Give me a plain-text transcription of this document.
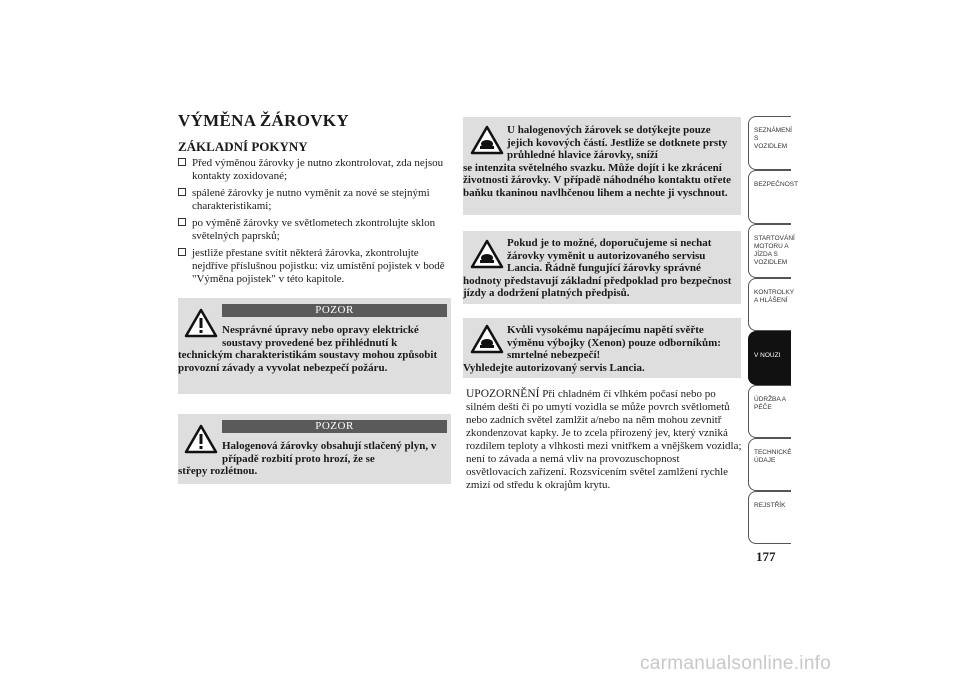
VÝMĚNA ŽÁROVKY
ZÁKLADNÍ POKYNY
Před výměnou žárovky je nutno zkontrolovat, zda nejsou kontakty zoxidované;
spálené žárovky je nutno vyměnit za nové se stejnými charakteristikami;
po výměně žárovky ve světlometech zkontrolujte sklon světelných paprsků;
jestliže přestane svítit některá žárovka, zkontrolujte nejdříve příslušnou pojistku: viz umístění pojistek v bodě "Výměna pojistek" v této kapitole.
POZOR
Nesprávné úpravy nebo opravy elektrické soustavy provedené bez přihlédnutí k
technickým charakteristikám soustavy mohou způsobit provozní závady a vyvolat nebezpečí požáru.
POZOR
Halogenová žárovky obsahují stlačený plyn, v případě rozbití proto hrozí, že se
střepy rozlétnou.
U halogenových žárovek se dotýkejte pouze jejich kovových částí. Jestliže se dotknete prsty průhledné hlavice žárovky, sníží
se intenzita světelného svazku. Může dojít i ke zkrácení životnosti žárovky. V případě náhodného kontaktu otřete baňku tkaninou navlhčenou lihem a nechte ji vyschnout.
Pokud je to možné, doporučujeme si nechat žárovky vyměnit u autorizovaného servisu Lancia. Řádně fungující žárovky správné
hodnoty představují základní předpoklad pro bezpečnost jízdy a dodržení platných předpisů.
Kvůli vysokému napájecímu napětí svěřte výměnu výbojky (Xenon) pouze odborníkům: smrtelné nebezpečí!
Vyhledejte autorizovaný servis Lancia.

UPOZORNĚNÍ Při chladném či vlhkém počasí nebo po silném dešti či po umytí vozidla se může povrch světlometů nebo zadních světel zamlžit a/nebo na něm mohou zevnitř zkondenzovat kapky. Je to zcela přirozený jev, který vzniká rozdílem teploty a vlhkosti mezi vnitřkem a vnějškem vozidla; není to závada a nemá vliv na provozuschopnost osvětlovacích zařízení. Rozsvícením světel zamlžení rychle zmizí od středu k okrajům krytu.

SEZNÁMENÍ S VOZIDLEM
BEZPEČNOST
STARTOVÁNÍ MOTORU A JÍZDA S VOZIDLEM
KONTROLKY A HLÁŠENÍ
V NOUZI
ÚDRŽBA A PÉČE
TECHNICKÉ ÚDAJE
REJSTŘÍK

177

carmanualsonline.info
